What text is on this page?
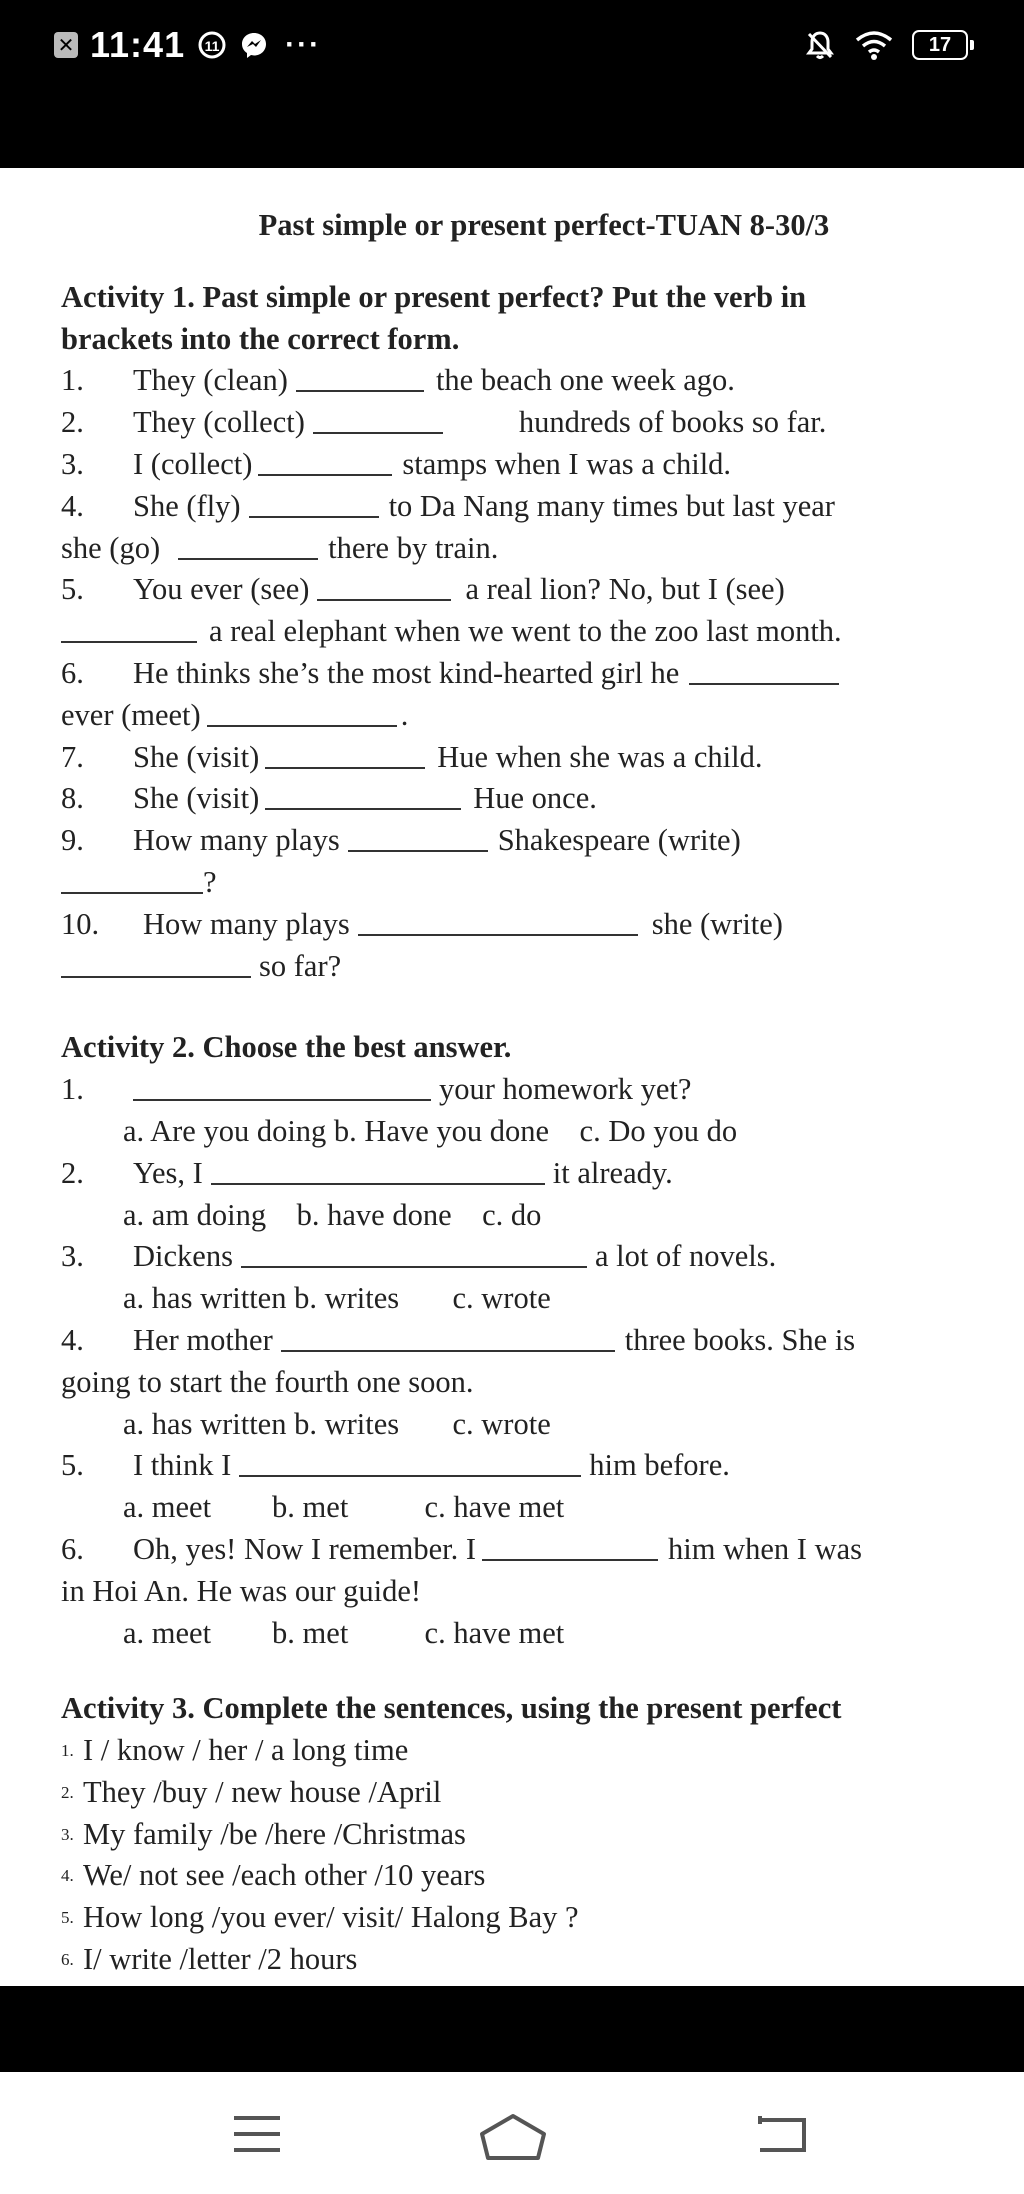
✕ 11:41 11 ···	17
Past simple or present perfect-TUAN 8-30/3
Activity 1. Past simple or present perfect? Put the verb in
brackets into the correct form.
1.	They (clean)	the beach one week ago.
2.	They (collect)	hundreds of books so far.
3.	I (collect)	stamps when I was a child.
4.	She (fly)	to Da Nang many times but last year
she (go)	there by train.
5.	You ever (see)	a real lion? No, but I (see)
a real elephant when we went to the zoo last month.
6.	He thinks she’s the most kind-hearted girl he
ever (meet)	.
7.	She (visit)	Hue when she was a child.
8.	She (visit)	Hue once.
9.	How many plays	Shakespeare (write)
?
10.	How many plays	she (write)
so far?
Activity 2. Choose the best answer.
1.	your homework yet?
a. Are you doing b. Have you done    c. Do you do
2.	Yes, I	it already.
a. am doing    b. have done    c. do
3.	Dickens	a lot of novels.
a. has written b. writes       c. wrote
4.	Her mother	three books. She is
going to start the fourth one soon.
a. has written b. writes       c. wrote
5.	I think I	him before.
a. meet        b. met          c. have met
6.	Oh, yes! Now I remember. I	him when I was
in Hoi An. He was our guide!
a. meet        b. met          c. have met
Activity 3. Complete the sentences, using the present perfect
1. I / know / her / a long time
2. They /buy / new house /April
3. My family /be /here /Christmas
4. We/ not see /each other /10 years
5. How long /you ever/ visit/ Halong Bay ?
6. I/ write /letter /2 hours
